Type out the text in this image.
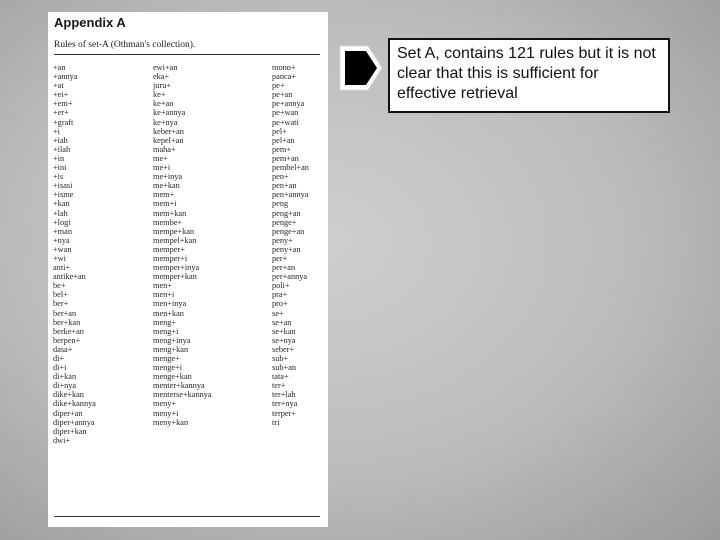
Appendix A
Rules of set-A (Othman's collection).
+an
+annya
+at
+ei+
+em+
+er+
+graft
+i
+iah
+ilah
+in
+ini
+is
+isasi
+isme
+kan
+lah
+logi
+man
+nya
+wan
+wi
anti+
antike+an
be+
bel+
ber+
ber+an
ber+kan
berke+an
berpen+
dasa+
di+
di+i
di+kan
di+nya
dike+kan
dike+kannya
diper+an
diper+annya
diper+kan
dwi+
ewi+an
eka+
juru+
ke+
ke+an
ke+annya
ke+nya
keber+an
kepel+an
maha+
me+
me+i
me+inya
me+kan
mem+
mem+i
mem+kan
membe+
mempe+kan
mempel+kan
memper+
memper+i
memper+inya
memper+kan
men+
men+i
men+inya
men+kan
meng+
meng+i
meng+inya
meng+kan
menge+
menge+i
menge+kan
menter+kannya
menterse+kannya
meny+
meny+i
meny+kan
mono+
panca+
pe+
pe+an
pe+annya
pe+wan
pe+wati
pel+
pel+an
pem+
pem+an
pembel+an
pen+
pen+an
pen+annya
peng
peng+an
penge+
penge+an
peny+
peny+an
per+
per+an
per+annya
poli+
pra+
pro+
se+
se+an
se+kan
se+nya
seber+
sub+
sub+an
tata+
ter+
ter+lah
ter+nya
terper+
tri
Set A, contains 121 rules but it is not clear that this is sufficient for effective retrieval
